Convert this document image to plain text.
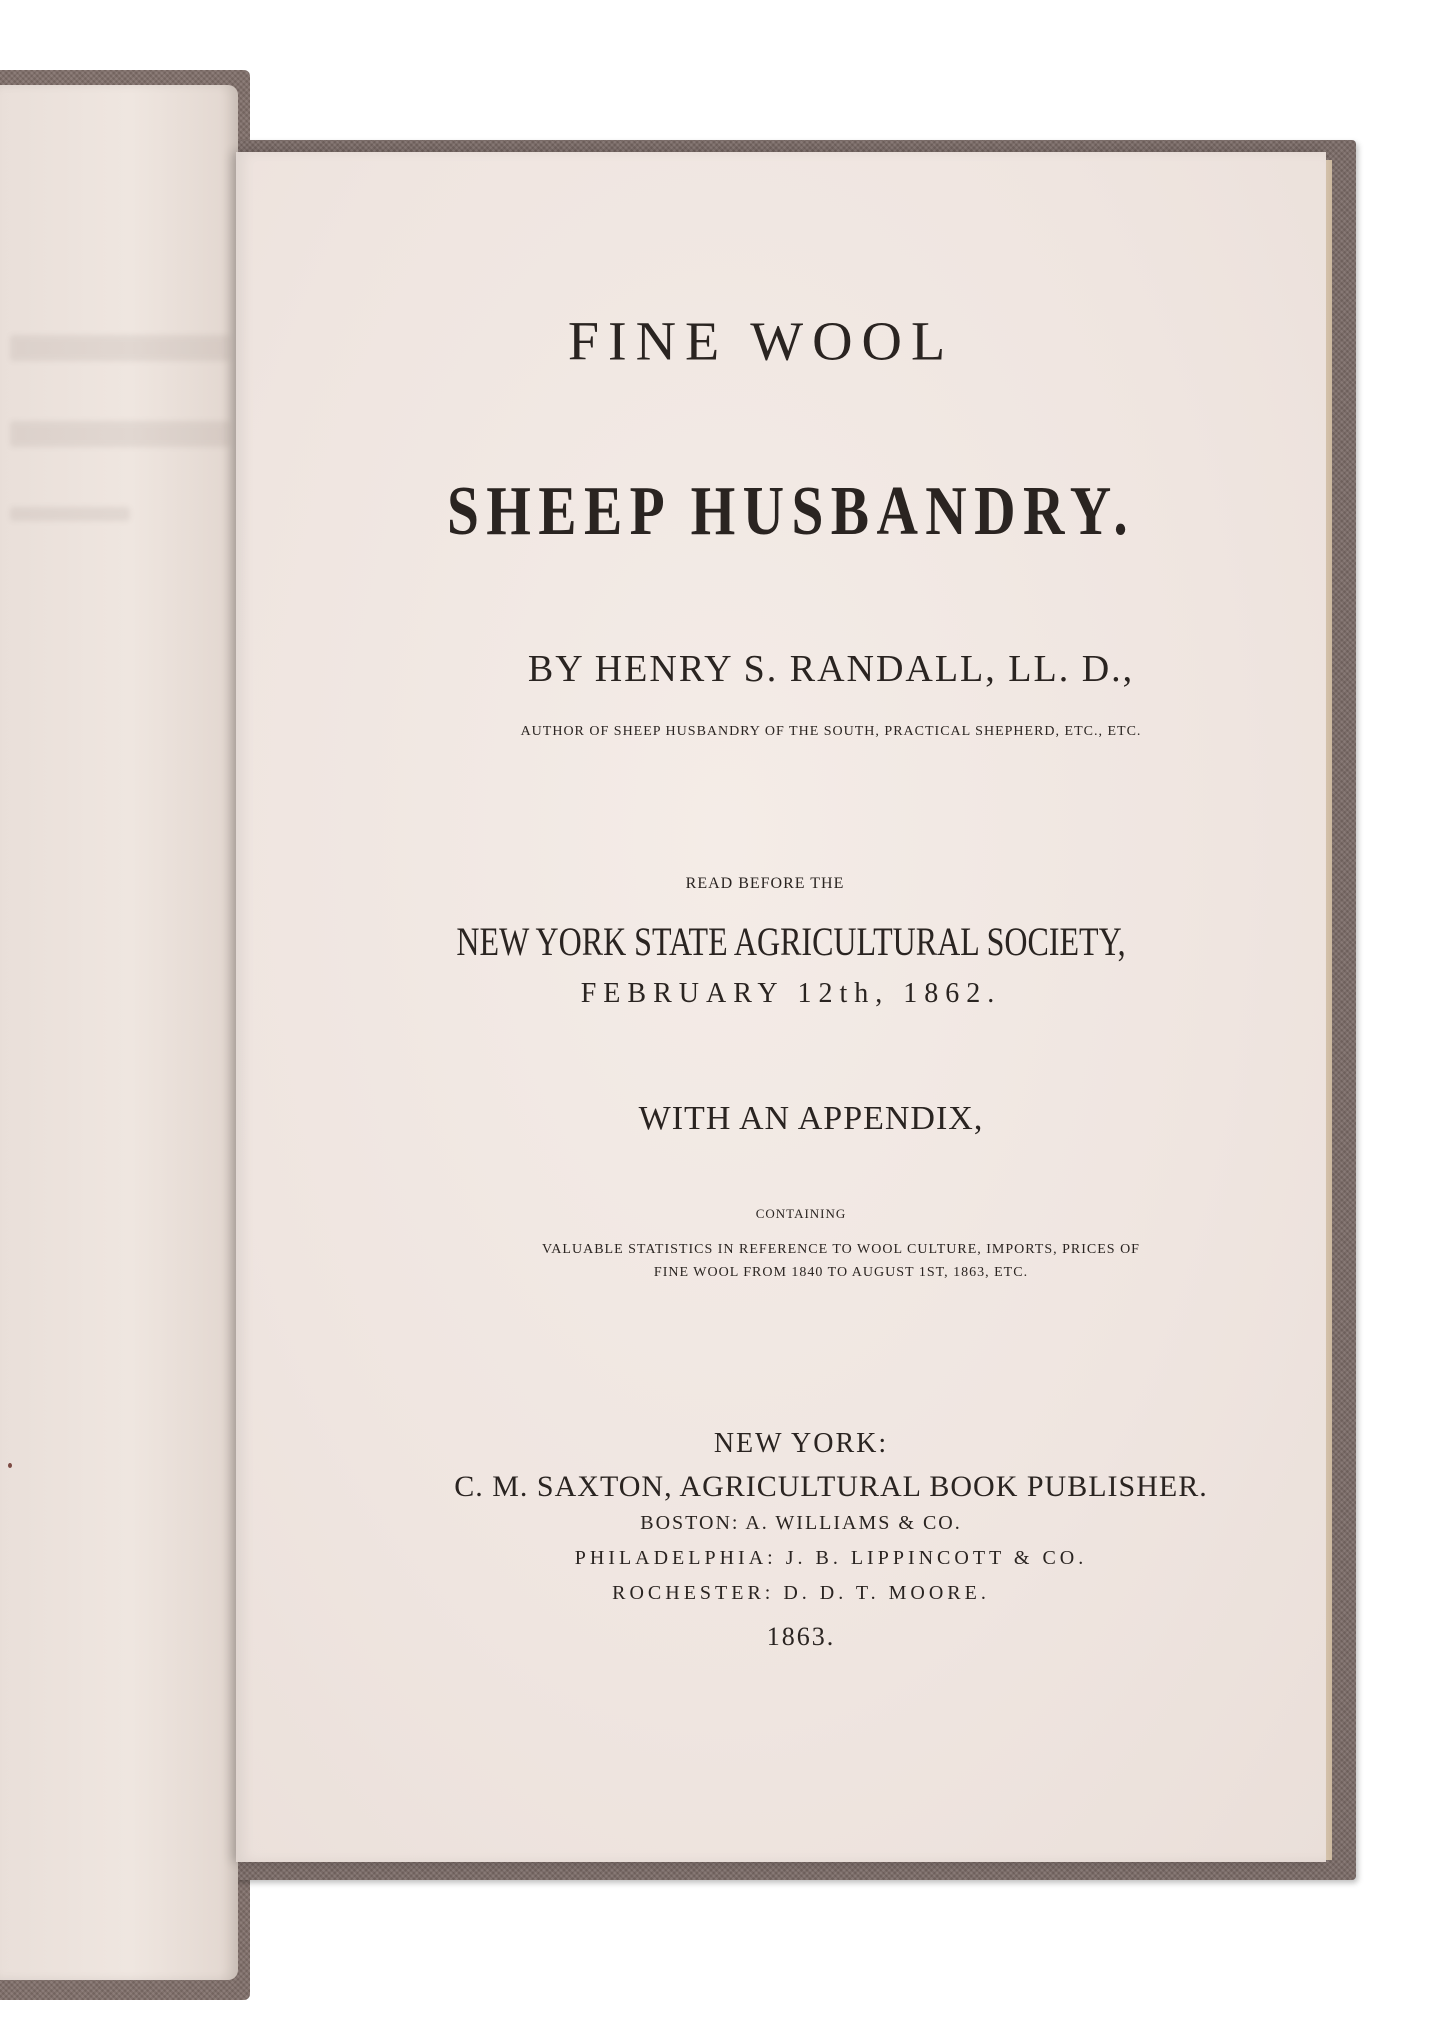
FINE WOOL
SHEEP HUSBANDRY.
BY HENRY S. RANDALL, LL. D.,
AUTHOR OF SHEEP HUSBANDRY OF THE SOUTH, PRACTICAL SHEPHERD, ETC., ETC.
READ BEFORE THE
NEW YORK STATE AGRICULTURAL SOCIETY,
FEBRUARY 12th, 1862.
WITH AN APPENDIX,
CONTAINING
VALUABLE STATISTICS IN REFERENCE TO WOOL CULTURE, IMPORTS, PRICES OF
FINE WOOL FROM 1840 TO AUGUST 1ST, 1863, ETC.
NEW YORK:
C. M. SAXTON, AGRICULTURAL BOOK PUBLISHER.
BOSTON: A. WILLIAMS & CO.
PHILADELPHIA: J. B. LIPPINCOTT & CO.
ROCHESTER: D. D. T. MOORE.
1863.
